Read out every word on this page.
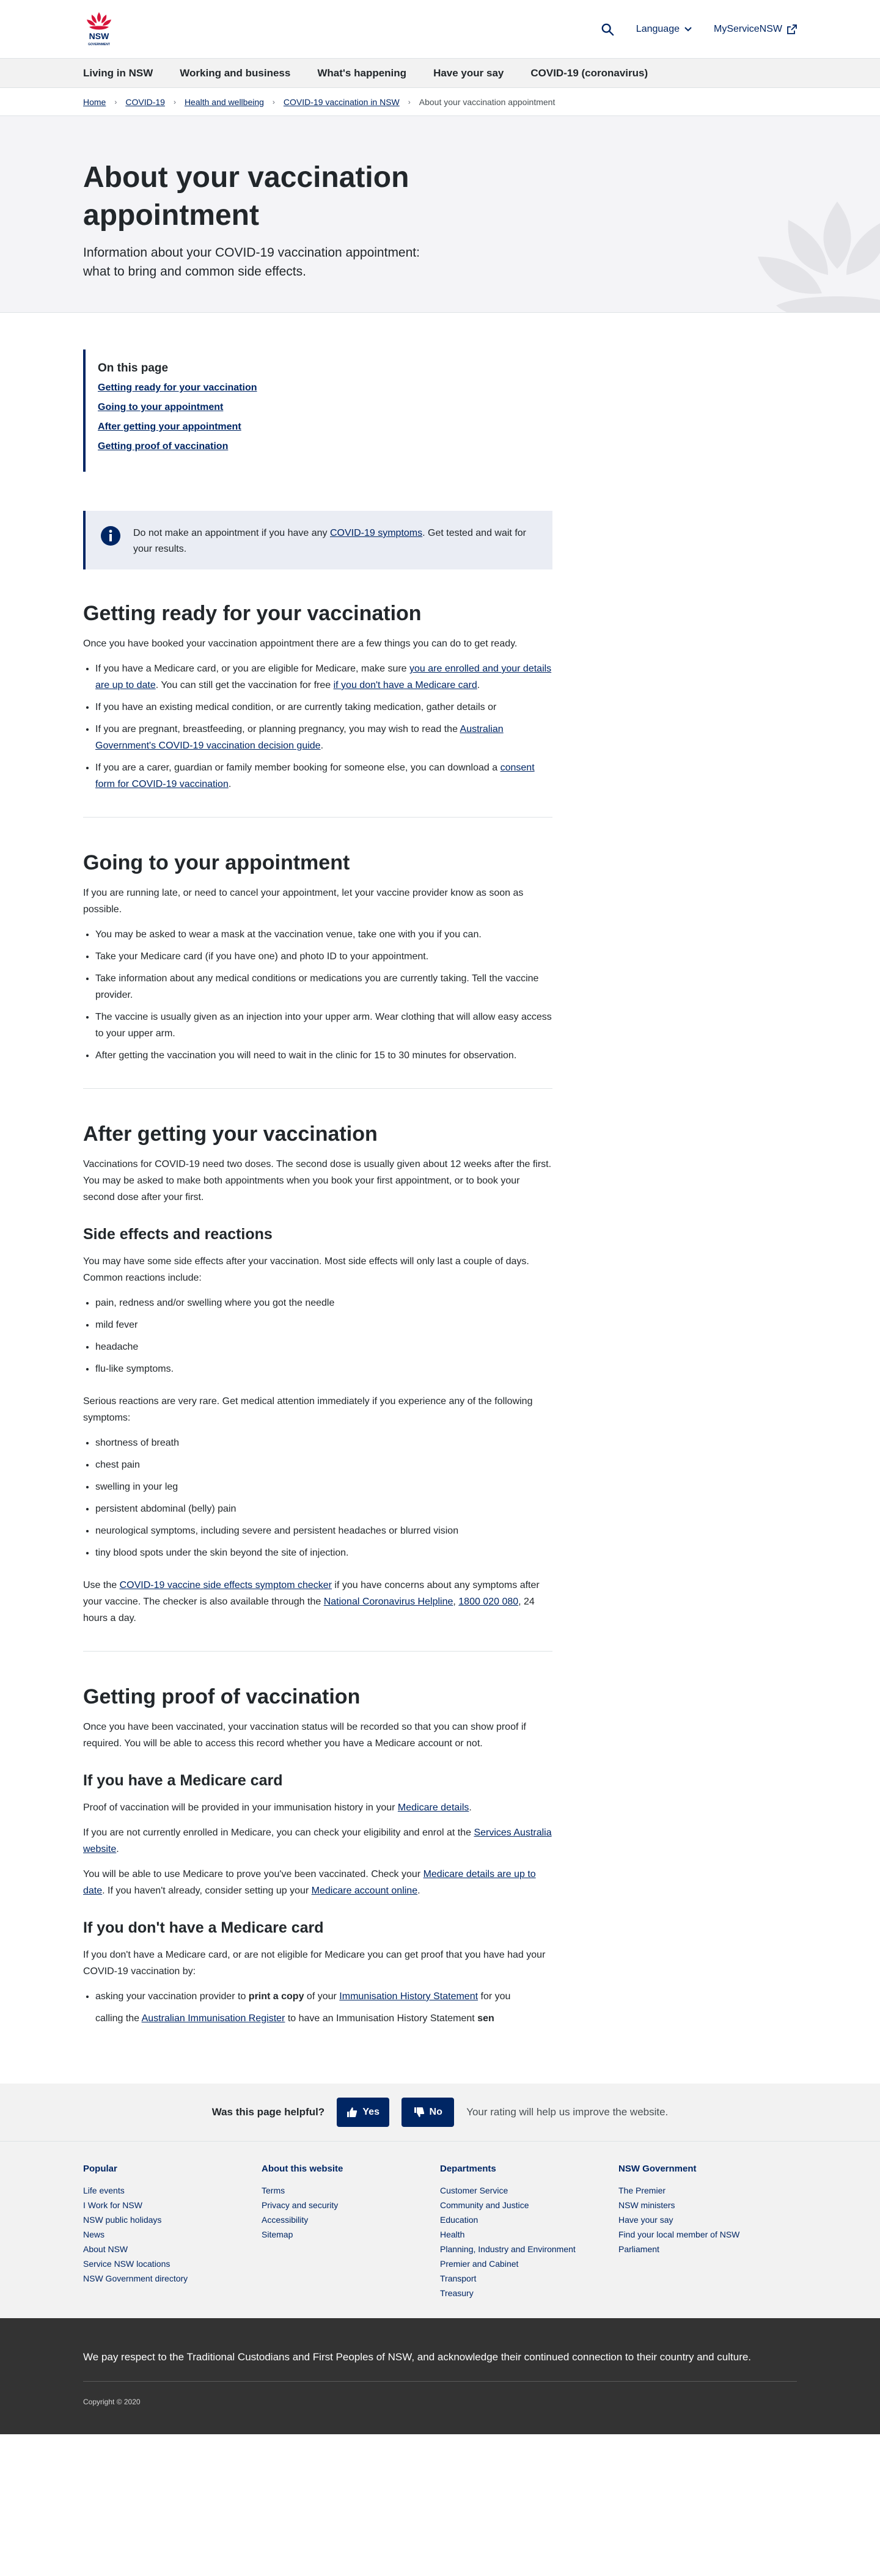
NSW
GOVERNMENT
Language	MyServiceNSW
Living in NSW	Working and business	What's happening	Have your say	COVID-19 (coronavirus)
Home › COVID-19 › Health and wellbeing › COVID-19 vaccination in NSW › About your vaccination appointment
About your vaccination appointment

Information about your COVID-19 vaccination appointment: what to bring and common side effects.

On this page
Getting ready for your vaccination
Going to your appointment
After getting your appointment
Getting proof of vaccination

Do not make an appointment if you have any COVID-19 symptoms. Get tested and wait for your results.

Getting ready for your vaccination

Once you have booked your vaccination appointment there are a few things you can do to get ready.

• If you have a Medicare card, or you are eligible for Medicare, make sure you are enrolled and your details are up to date. You can still get the vaccination for free if you don't have a Medicare card.
• If you have an existing medical condition, or are currently taking medication, gather details or
• If you are pregnant, breastfeeding, or planning pregnancy, you may wish to read the Australian Government's COVID-19 vaccination decision guide.
• If you are a carer, guardian or family member booking for someone else, you can download a consent form for COVID-19 vaccination.
Going to your appointment

If you are running late, or need to cancel your appointment, let your vaccine provider know as soon as possible.

• You may be asked to wear a mask at the vaccination venue, take one with you if you can.
• Take your Medicare card (if you have one) and photo ID to your appointment.
• Take information about any medical conditions or medications you are currently taking. Tell the vaccine provider.
• The vaccine is usually given as an injection into your upper arm. Wear clothing that will allow easy access to your upper arm.
• After getting the vaccination you will need to wait in the clinic for 15 to 30 minutes for observation.
After getting your vaccination

Vaccinations for COVID-19 need two doses. The second dose is usually given about 12 weeks after the first. You may be asked to make both appointments when you book your first appointment, or to book your second dose after your first.

Side effects and reactions

You may have some side effects after your vaccination. Most side effects will only last a couple of days. Common reactions include:

• pain, redness and/or swelling where you got the needle
• mild fever
• headache
• flu-like symptoms.

Serious reactions are very rare. Get medical attention immediately if you experience any of the following symptoms:

• shortness of breath
• chest pain
• swelling in your leg
• persistent abdominal (belly) pain
• neurological symptoms, including severe and persistent headaches or blurred vision
• tiny blood spots under the skin beyond the site of injection.

Use the COVID-19 vaccine side effects symptom checker if you have concerns about any symptoms after your vaccine. The checker is also available through the National Coronavirus Helpline, 1800 020 080, 24 hours a day.

Getting proof of vaccination

Once you have been vaccinated, your vaccination status will be recorded so that you can show proof if required. You will be able to access this record whether you have a Medicare account or not.

If you have a Medicare card

Proof of vaccination will be provided in your immunisation history in your Medicare details.

If you are not currently enrolled in Medicare, you can check your eligibility and enrol at the Services Australia website.

You will be able to use Medicare to prove you've been vaccinated. Check your Medicare details are up to date. If you haven't already, consider setting up your Medicare account online.

If you don't have a Medicare card

If you don't have a Medicare card, or are not eligible for Medicare you can get proof that you have had your COVID-19 vaccination by:

• asking your vaccination provider to print a copy of your Immunisation History Statement for you
• calling the Australian Immunisation Register to have an Immunisation History Statement sen
Was this page helpful?	Yes	No Your rating will help us improve the website.
Popular
Life events
I Work for NSW
NSW public holidays
News
About NSW
Service NSW locations
NSW Government directory
About this website
Terms
Privacy and security
Accessibility
Sitemap
Departments
Customer Service
Community and Justice
Education
Health
Planning, Industry and Environment
Premier and Cabinet
Transport
Treasury
NSW Government
The Premier
NSW ministers
Have your say
Find your local member of NSW
Parliament

We pay respect to the Traditional Custodians and First Peoples of NSW, and acknowledge their continued connection to their country and culture.

Copyright © 2020
